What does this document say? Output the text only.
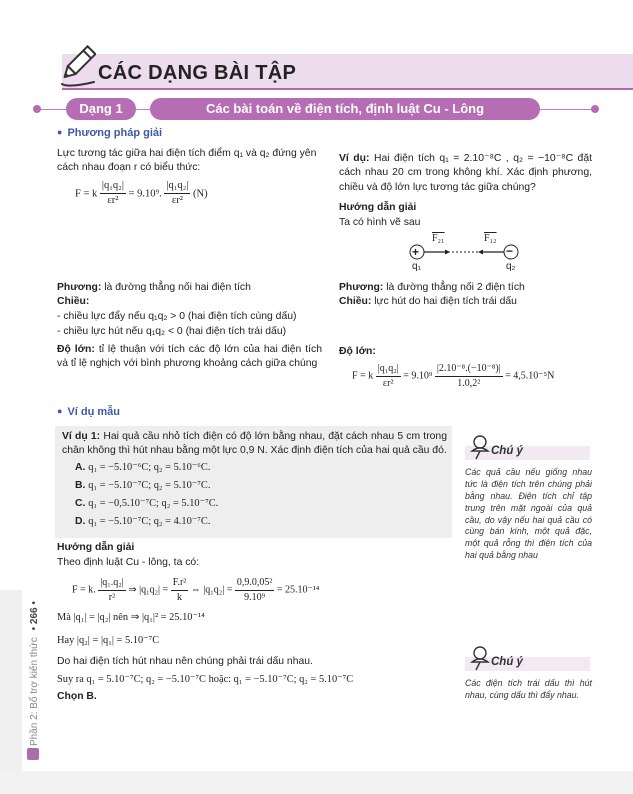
CÁC DẠNG BÀI TẬP
Dạng 1	Các bài toán về điện tích, định luật Cu - Lông
● Phương pháp giải
Lực tương tác giữa hai điện tích điểm q₁ và q₂ đứng yên cách nhau đoạn r có biểu thức:
F = k $\frac{\text{|q₁q₂|}}{\text{εr²}} = 9.10^9$. $\frac{\text{|q₁q₂|}}{\text{εr²}} (N)$
Phương: là đường thẳng nối hai điện tích
Chiều:
- chiều lực đẩy nếu q₁q₂ > 0 (hai điện tích cùng dấu)
- chiều lực hút nếu q₁q₂ < 0 (hai điện tích trái dấu)
Độ lớn: tỉ lệ thuận với tích các độ lớn của hai điện tích và tỉ lệ nghịch với bình phương khoảng cách giữa chúng
Ví dụ: Hai điện tích q₁ = 2.10⁻⁸C , q₂ = −10⁻⁸C đặt cách nhau 20 cm trong không khí. Xác định phương, chiều và độ lớn lực tương tác giữa chúng?
Hướng dẫn giải
Ta có hình vẽ sau
+	−
F₂₁	F₁₂
q₁	q₂
Phương: là đường thẳng nối 2 điện tích
Chiều: lực hút do hai điện tích trái dấu
Độ lớn:
F = k $\frac{\text{|q₁q₂|}}{\text{εr²}} = 9.10^9 \frac{\text{|2.10⁻⁸.(−10⁻⁸)|}}{\text{1.0,2²}} = 4,5.10^{-5}N$
● Ví dụ mẫu
Ví dụ 1: Hai quả cầu nhỏ tích điện có độ lớn bằng nhau, đặt cách nhau 5 cm trong chân không thì hút nhau bằng một lực 0,9 N. Xác định điện tích của hai quả cầu đó.
A. q₁ = −5.10⁻⁶C; q₂ = 5.10⁻⁶C.
B. q₁ = −5.10⁻⁷C; q₂ = 5.10⁻⁷C.
C. q₁ = −0,5.10⁻⁷C; q₂ = 5.10⁻⁷C.
D. q₁ = −5.10⁻⁷C; q₂ = 4.10⁻⁷C.
Hướng dẫn giải
Theo định luật Cu - lông, ta có:
F = k. $\frac{\text{|q₁.q₂|}}{\text{r²}}$ ⇒ $|q_1q_2| = \frac{\text{F.r²}}{k}$ ⇔ $|q_1q_2| = \frac{\text{0,9.0,05²}}{\text{9.10⁹}} = 25.10^{-14}$
Mà |q₁| = |q₂| nên ⇒ |q₁|² = 25.10⁻¹⁴
Hay |q₂| = |q₁| = 5.10⁻⁷C
Do hai điện tích hút nhau nên chúng phải trái dấu nhau.
Suy ra q₁ = 5.10⁻⁷C; q₂ = −5.10⁻⁷C hoặc: q₁ = −5.10⁻⁷C; q₂ = 5.10⁻⁷C
Chọn B.
Chú ý
Các quả cầu nếu giống nhau tức là điện tích trên chúng phải bằng nhau. Điện tích chỉ tập trung trên mặt ngoài của quả cầu, do vậy nếu hai quả cầu có cùng bán kính, một quả đặc, một quả rỗng thì điện tích của hai quả bằng nhau
Chú ý
Các điện tích trái dấu thì hút nhau, cùng dấu thì đẩy nhau.
Phần 2: Bổ trợ kiến thức • 266 •
